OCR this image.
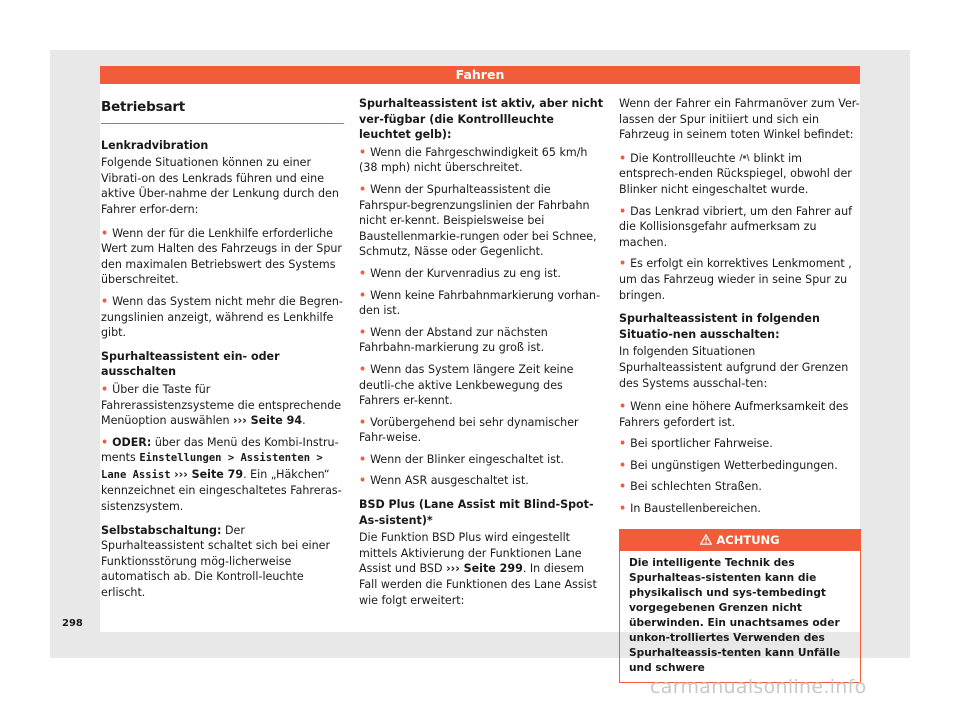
Fahren
Betriebsart

Lenkradvibration

Folgende Situationen können zu einer Vibrati-on des Lenkrads führen und eine aktive Über-nahme der Lenkung durch den Fahrer erfor-dern:

• Wenn der für die Lenkhilfe erforderliche Wert zum Halten des Fahrzeugs in der Spur den maximalen Betriebswert des Systems überschreitet.

• Wenn das System nicht mehr die Begren-zungslinien anzeigt, während es Lenkhilfe gibt.

Spurhalteassistent ein- oder ausschalten

• Über die Taste für Fahrerassistenzsysteme die entsprechende Menüoption auswählen ››› Seite 94.

• ODER: über das Menü des Kombi-Instru-ments Einstellungen > Assistenten > Lane Assist ››› Seite 79. Ein „Häkchen“ kennzeichnet ein eingeschaltetes Fahreras-sistenzsystem.

Selbstabschaltung: Der Spurhalteassistent schaltet sich bei einer Funktionsstörung mög-licherweise automatisch ab. Die Kontroll-leuchte erlischt.

Spurhalteassistent ist aktiv, aber nicht ver-fügbar (die Kontrollleuchte leuchtet gelb):

• Wenn die Fahrgeschwindigkeit 65 km/h (38 mph) nicht überschreitet.

• Wenn der Spurhalteassistent die Fahrspur-begrenzungslinien der Fahrbahn nicht er-kennt. Beispielsweise bei Baustellenmarkie-rungen oder bei Schnee, Schmutz, Nässe oder Gegenlicht.

• Wenn der Kurvenradius zu eng ist.

• Wenn keine Fahrbahnmarkierung vorhan-den ist.

• Wenn der Abstand zur nächsten Fahrbahn-markierung zu groß ist.

• Wenn das System längere Zeit keine deutli-che aktive Lenkbewegung des Fahrers er-kennt.

• Vorübergehend bei sehr dynamischer Fahr-weise.

• Wenn der Blinker eingeschaltet ist.

• Wenn ASR ausgeschaltet ist.

BSD Plus (Lane Assist mit Blind-Spot-As-sistent)*

Die Funktion BSD Plus wird eingestellt mittels Aktivierung der Funktionen Lane Assist und BSD ››› Seite 299. In diesem Fall werden die Funktionen des Lane Assist wie folgt erweitert:

Wenn der Fahrer ein Fahrmanöver zum Ver-lassen der Spur initiiert und sich ein Fahrzeug in seinem toten Winkel befindet:

• Die Kontrollleuchte blinkt im entsprech-enden Rückspiegel, obwohl der Blinker nicht eingeschaltet wurde.

• Das Lenkrad vibriert, um den Fahrer auf die Kollisionsgefahr aufmerksam zu machen.

• Es erfolgt ein korrektives Lenkmoment , um das Fahrzeug wieder in seine Spur zu bringen.

Spurhalteassistent in folgenden Situatio-nen ausschalten:

In folgenden Situationen Spurhalteassistent aufgrund der Grenzen des Systems ausschal-ten:

• Wenn eine höhere Aufmerksamkeit des Fahrers gefordert ist.

• Bei sportlicher Fahrweise.

• Bei ungünstigen Wetterbedingungen.

• Bei schlechten Straßen.

• In Baustellenbereichen.

ACHTUNG
Die intelligente Technik des Spurhalteas-sistenten kann die physikalisch und sys-tembedingt vorgegebenen Grenzen nicht überwinden. Ein unachtsames oder unkon-trolliertes Verwenden des Spurhalteassis-tenten kann Unfälle und schwere
298
carmanualsonline.info
